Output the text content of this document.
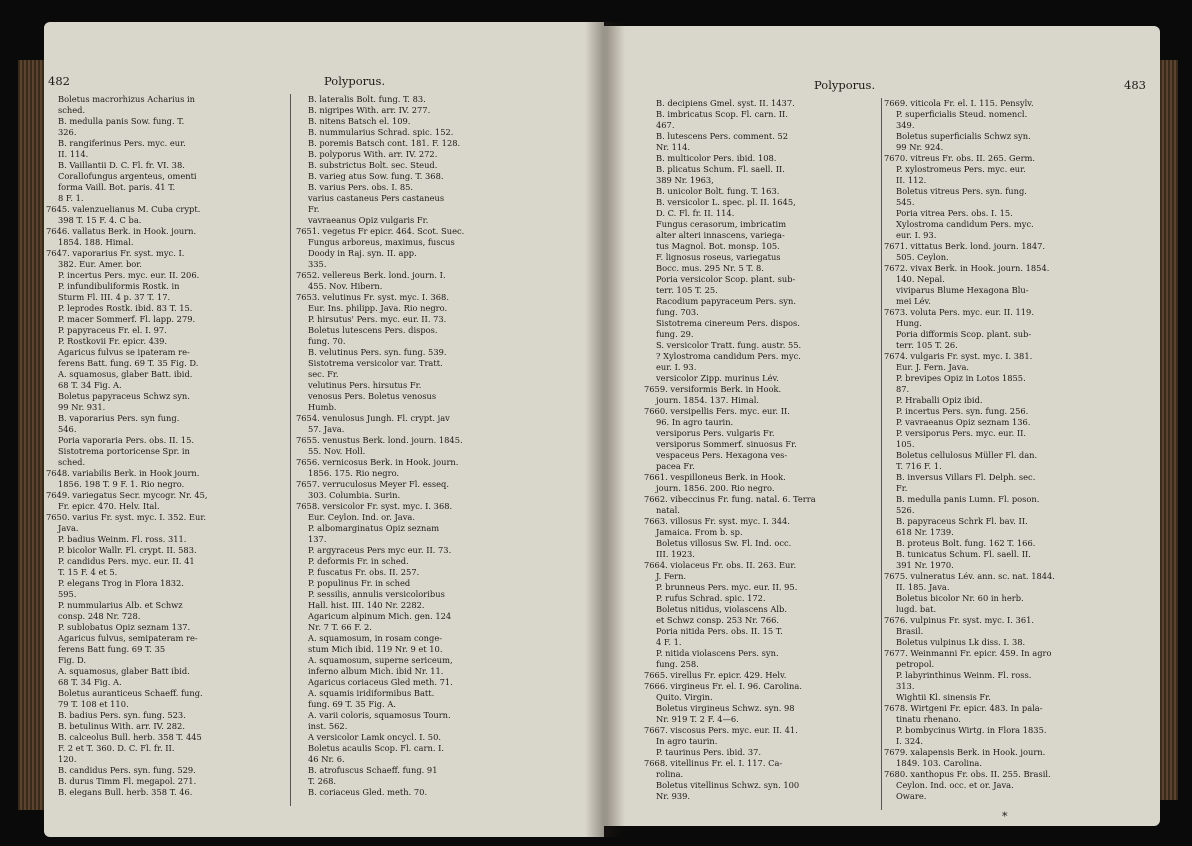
482	Polyporus.
Boletus macrorhizus Acharius in
sched.
B. medulla panis Sow. fung. T.
326.
B. rangiferinus Pers. myc. eur.
II. 114.
B. Vaillantii D. C. Fl. fr. VI. 38.
Corallofungus argenteus, omenti
forma Vaill. Bot. paris. 41 T.
8 F. 1.
7645. valenzuelianus M. Cuba crypt.
398 T. 15 F. 4. C ba.
7646. vallatus Berk. in Hook. journ.
1854. 188. Himal.
7647. vaporarius Fr. syst. myc. I.
382. Eur. Amer. bor.
P. incertus Pers. myc. eur. II. 206.
P. infundibuliformis Rostk. in
Sturm Fl. III. 4 p. 37 T. 17.
P. leprodes Rostk. ibid. 83 T. 15.
P. macer Sommerf. Fl. lapp. 279.
P. papyraceus Fr. el. I. 97.
P. Rostkovii Fr. epicr. 439.
Agaricus fulvus se ipateram re-
ferens Batt. fung. 69 T. 35 Fig. D.
A. squamosus, glaber Batt. ibid.
68 T. 34 Fig. A.
Boletus papyraceus Schwz syn.
99 Nr. 931.
B. vaporarius Pers. syn fung.
546.
Poria vaporaria Pers. obs. II. 15.
Sistotrema portoricense Spr. in
sched.
7648. variabilis Berk. in Hook journ.
1856. 198 T. 9 F. 1. Rio negro.
7649. variegatus Secr. mycogr. Nr. 45,
Fr. epicr. 470. Helv. Ital.
7650. varius Fr. syst. myc. I. 352. Eur.
Java.
P. badius Weinm. Fl. ross. 311.
P. bicolor Wallr. Fl. crypt. II. 583.
P. candidus Pers. myc. eur. II. 41
T. 15 F. 4 et 5.
P. elegans Trog in Flora 1832.
595.
P. nummularius Alb. et Schwz
consp. 248 Nr. 728.
P. sublobatus Opiz seznam 137.
Agaricus fulvus, semipateram re-
ferens Batt fung. 69 T. 35
Fig. D.
A. squamosus, glaber Batt ibid.
68 T. 34 Fig. A.
Boletus auranticeus Schaeff. fung.
79 T. 108 et 110.
B. badius Pers. syn. fung. 523.
B. betulinus With. arr. IV. 282.
B. calceolus Bull. herb. 358 T. 445
F. 2 et T. 360. D. C. Fl. fr. II.
120.
B. candidus Pers. syn. fung. 529.
B. durus Timm Fl. megapol. 271.
B. elegans Bull. herb. 358 T. 46.
B. lateralis Bolt. fung. T. 83.
B. nigripes With. arr. IV. 277.
B. nitens Batsch el. 109.
B. nummularius Schrad. spic. 152.
B. poremis Batsch cont. 181. F. 128.
B. polyporus With. arr. IV. 272.
B. substrictus Bolt. sec. Steud.
B. varieg atus Sow. fung. T. 368.
B. varius Pers. obs. I. 85.
varius castaneus Pers castaneus
Fr.
vavraeanus Opiz vulgaris Fr.
7651. vegetus Fr epicr. 464. Scot. Suec.
Fungus arboreus, maximus, fuscus
Doody in Raj. syn. II. app.
335.
7652. vellereus Berk. lond. journ. I.
455. Nov. Hibern.
7653. velutinus Fr. syst. myc. I. 368.
Eur. Ins. philipp. Java. Rio negro.
P. hirsutus' Pers. myc. eur. II. 73.
Boletus lutescens Pers. dispos.
fung. 70.
B. velutinus Pers. syn. fung. 539.
Sistotrema versicolor var. Tratt.
sec. Fr.
velutinus Pers. hirsutus Fr.
venosus Pers. Boletus venosus
Humb.
7654. venulosus Jungh. Fl. crypt. jav
57. Java.
7655. venustus Berk. lond. journ. 1845.
55. Nov. Holl.
7656. vernicosus Berk. in Hook. journ.
1856. 175. Rio negro.
7657. verruculosus Meyer Fl. esseq.
303. Columbia. Surin.
7658. versicolor Fr. syst. myc. I. 368.
Eur. Ceylon. Ind. or. Java.
P. albomarginatus Opiz seznam
137.
P. argyraceus Pers myc eur. II. 73.
P. deformis Fr. in sched.
P. fuscatus Fr. obs. II. 257.
P. populinus Fr. in sched
P. sessilis, annulis versicoloribus
Hall. hist. III. 140 Nr. 2282.
Agaricum alpinum Mich. gen. 124
Nr. 7 T. 66 F. 2.
A. squamosum, in rosam conge-
stum Mich ibid. 119 Nr. 9 et 10.
A. squamosum, superne sericeum,
inferno album Mich. ibid Nr. 11.
Agaricus coriaceus Gled meth. 71.
A. squamis iridiformibus Batt.
fung. 69 T. 35 Fig. A.
A. varii coloris, squamosus Tourn.
inst. 562.
A versicolor Lamk oncycl. I. 50.
Boletus acaulis Scop. Fl. carn. I.
46 Nr. 6.
B. atrofuscus Schaeff. fung. 91
T. 268.
B. coriaceus Gled. meth. 70.
Polyporus.	483
B. decipiens Gmel. syst. II. 1437.
B. imbricatus Scop. Fl. carn. II.
467.
B. lutescens Pers. comment. 52
Nr. 114.
B. multicolor Pers. ibid. 108.
B. plicatus Schum. Fl. saell. II.
389 Nr. 1963,
B. unicolor Bolt. fung. T. 163.
B. versicolor L. spec. pl. II. 1645,
D. C. Fl. fr. II. 114.
Fungus cerasorum, imbricatim
alter alteri innascens, variega-
tus Magnol. Bot. monsp. 105.
F. lignosus roseus, variegatus
Bocc. mus. 295 Nr. 5 T. 8.
Poria versicolor Scop. plant. sub-
terr. 105 T. 25.
Racodium papyraceum Pers. syn.
fung. 703.
Sistotrema cinereum Pers. dispos.
fung. 29.
S. versicolor Tratt. fung. austr. 55.
? Xylostroma candidum Pers. myc.
eur. I. 93.
versicolor Zipp. murinus Lév.
7659. versiformis Berk. in Hook.
journ. 1854. 137. Himal.
7660. versipellis Fers. myc. eur. II.
96. In agro taurin.
versiporus Pers. vulgaris Fr.
versiporus Sommerf. sinuosus Fr.
vespaceus Pers. Hexagona ves-
pacea Fr.
7661. vespilloneus Berk. in Hook.
journ. 1856. 200. Rio negro.
7662. vibeccinus Fr. fung. natal. 6. Terra
natal.
7663. villosus Fr. syst. myc. I. 344.
Jamaica. From b. sp.
Boletus villosus Sw. Fl. Ind. occ.
III. 1923.
7664. violaceus Fr. obs. II. 263. Eur.
J. Fern.
P. brunneus Pers. myc. eur. II. 95.
P. rufus Schrad. spic. 172.
Boletus nitidus, violascens Alb.
et Schwz consp. 253 Nr. 766.
Poria nitida Pers. obs. II. 15 T.
4 F. 1.
P. nitida violascens Pers. syn.
fung. 258.
7665. virellus Fr. epicr. 429. Helv.
7666. virgineus Fr. el. I. 96. Carolina.
Quito. Virgin.
Boletus virgineus Schwz. syn. 98
Nr. 919 T. 2 F. 4—6.
7667. viscosus Pers. myc. eur. II. 41.
In agro taurin.
P. taurinus Pers. ibid. 37.
7668. vitellinus Fr. el. I. 117. Ca-
rolina.
Boletus vitellinus Schwz. syn. 100
Nr. 939.
7669. viticola Fr. el. I. 115. Pensylv.
P. superficialis Steud. nomencl.
349.
Boletus superficialis Schwz syn.
99 Nr. 924.
7670. vitreus Fr. obs. II. 265. Germ.
P. xylostromeus Pers. myc. eur.
II. 112.
Boletus vitreus Pers. syn. fung.
545.
Poria vitrea Pers. obs. I. 15.
Xylostroma candidum Pers. myc.
eur. I. 93.
7671. vittatus Berk. lond. journ. 1847.
505. Ceylon.
7672. vivax Berk. in Hook. journ. 1854.
140. Nepal.
viviparus Blume Hexagona Blu-
mei Lév.
7673. voluta Pers. myc. eur. II. 119.
Hung.
Poria difformis Scop. plant. sub-
terr. 105 T. 26.
7674. vulgaris Fr. syst. myc. I. 381.
Eur. J. Fern. Java.
P. brevipes Opiz in Lotos 1855.
87.
P. Hraballi Opiz ibid.
P. incertus Pers. syn. fung. 256.
P. vavraeanus Opiz seznam 136.
P. versiporus Pers. myc. eur. II.
105.
Boletus cellulosus Müller Fl. dan.
T. 716 F. 1.
B. inversus Villars Fl. Delph. sec.
Fr.
B. medulla panis Lumn. Fl. poson.
526.
B. papyraceus Schrk Fl. bav. II.
618 Nr. 1739.
B. proteus Bolt. fung. 162 T. 166.
B. tunicatus Schum. Fl. saell. II.
391 Nr. 1970.
7675. vulneratus Lév. ann. sc. nat. 1844.
II. 185. Java.
Boletus bicolor Nr. 60 in herb.
lugd. bat.
7676. vulpinus Fr. syst. myc. I. 361.
Brasil.
Boletus vulpinus Lk diss. I. 38.
7677. Weinmanni Fr. epicr. 459. In agro
petropol.
P. labyrinthinus Weinm. Fl. ross.
313.
Wightii Kl. sinensis Fr.
7678. Wirtgeni Fr. epicr. 483. In pala-
tinatu rhenano.
P. bombycinus Wirtg. in Flora 1835.
I. 324.
7679. xalapensis Berk. in Hook. journ.
1849. 103. Carolina.
7680. xanthopus Fr. obs. II. 255. Brasil.
Ceylon. Ind. occ. et or. Java.
Oware.
*
